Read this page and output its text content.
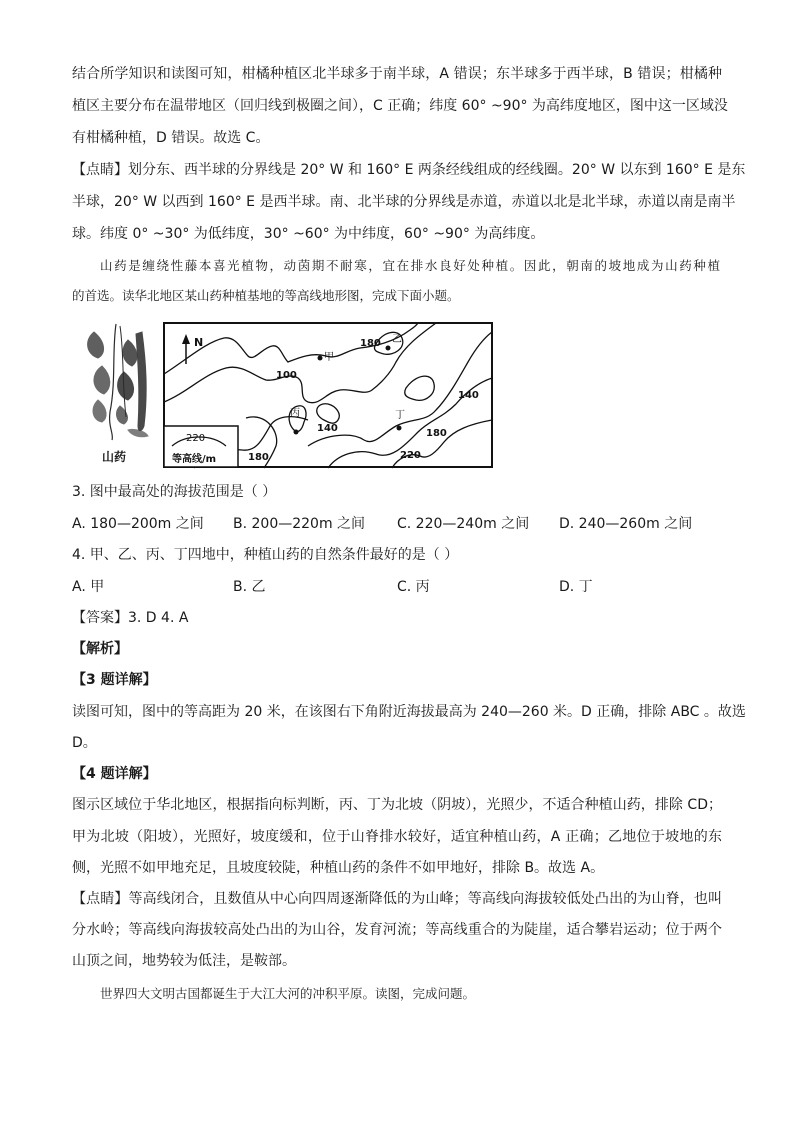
结合所学知识和读图可知，柑橘种植区北半球多于南半球，A 错误；东半球多于西半球，B 错误；柑橘种
植区主要分布在温带地区（回归线到极圈之间），C 正确；纬度 60° ~90° 为高纬度地区，图中这一区域没
有柑橘种植，D 错误。故选 C。
【点睛】划分东、西半球的分界线是 20° W 和 160° E 两条经线组成的经线圈。20° W 以东到 160° E 是东
半球，20° W 以西到 160° E 是西半球。南、北半球的分界线是赤道，赤道以北是北半球，赤道以南是南半
球。纬度 0° ~30° 为低纬度，30° ~60° 为中纬度，60° ~90° 为高纬度。
山药是缠绕性藤本喜光植物，动茵期不耐寒，宜在排水良好处种植。因此，朝南的坡地成为山药种植
的首选。读华北地区某山药种植基地的等高线地形图，完成下面小题。
N
220
等高线/m
180
100
140
140
180
220
180
甲
乙
丙	丁
山药
3. 图中最高处的海拔范围是（ ）
A. 180—200m 之间 B. 200—220m 之间 C. 220—240m 之间 D. 240—260m 之间
4. 甲、乙、丙、丁四地中，种植山药的自然条件最好的是（ ）
A. 甲	B. 乙	C. 丙	D. 丁
【答案】3. D 4. A
【解析】
【3 题详解】
读图可知，图中的等高距为 20 米，在该图右下角附近海拔最高为 240—260 米。D 正确，排除 ABC 。故选
D。
【4 题详解】
图示区域位于华北地区，根据指向标判断，丙、丁为北坡（阴坡），光照少，不适合种植山药，排除 CD；
甲为北坡（阳坡），光照好，坡度缓和，位于山脊排水较好，适宜种植山药，A 正确；乙地位于坡地的东
侧，光照不如甲地充足，且坡度较陡，种植山药的条件不如甲地好，排除 B。故选 A。
【点睛】等高线闭合，且数值从中心向四周逐渐降低的为山峰；等高线向海拔较低处凸出的为山脊，也叫
分水岭；等高线向海拔较高处凸出的为山谷，发育河流；等高线重合的为陡崖，适合攀岩运动；位于两个
山顶之间，地势较为低洼，是鞍部。
世界四大文明古国都诞生于大江大河的冲积平原。读图，完成问题。
